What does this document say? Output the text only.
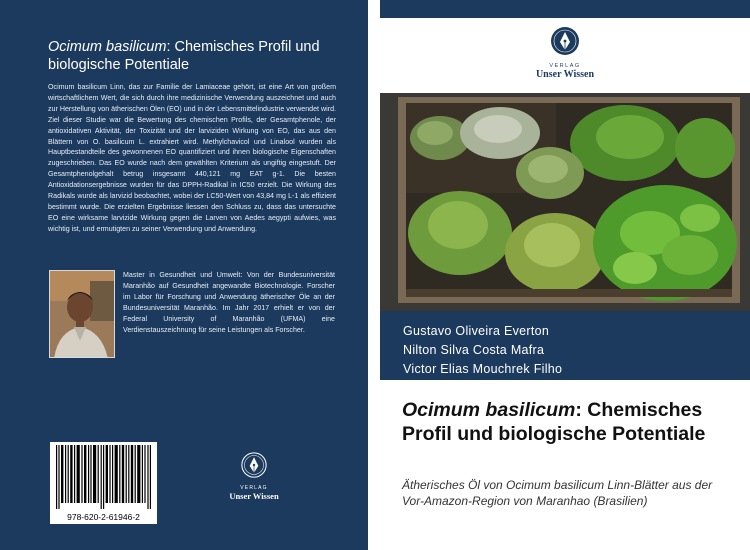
Ocimum basilicum: Chemisches Profil und biologische Potentiale

Ocimum basilicum Linn, das zur Familie der Lamiaceae gehört, ist eine Art von großem wirtschaftlichem Wert, die sich durch ihre medizinische Verwendung auszeichnet und auch zur Herstellung von ätherischen Ölen (EO) und in der Lebensmittelindustrie verwendet wird. Ziel dieser Studie war die Bewertung des chemischen Profils, der Gesamtphenole, der antioxidativen Aktivität, der Toxizität und der larviziden Wirkung von EO, das aus den Blättern von O. basilicum L. extrahiert wird. Methylchavicol und Linalool wurden als Hauptbestandteile des gewonnenen EO quantifiziert und ihnen biologische Eigenschaften zugeschrieben. Das EO wurde nach dem gewählten Kriterium als ungiftig eingestuft. Der Gesamtphenolgehalt betrug insgesamt 440,121 mg EAT g-1. Die besten Antioxidationsergebnisse wurden für das DPPH-Radikal in IC50 erzielt. Die Wirkung des Radikals wurde als larvizid beobachtet, wobei der LC50-Wert von 43,84 mg L-1 als effizient bestimmt wurde. Die erzielten Ergebnisse liessen den Schluss zu, dass das untersuchte EO eine wirksame larvizide Wirkung gegen die Larven von Aedes aegypti aufwies, was wichtig ist, und ermutigten zu seiner Verwendung und Anwendung.

Master in Gesundheit und Umwelt: Von der Bundesuniversität Maranhão auf Gesundheit angewandte Biotechnologie. Forscher im Labor für Forschung und Anwendung ätherischer Öle an der Bundesuniversität Maranhão. Im Jahr 2017 erhielt er von der Federal University of Maranhão (UFMA) eine Verdienstauszeichnung für seine Leistungen als Forscher.

978-620-2-61946-2
VERLAG
Unser Wissen
VERLAG
Unser Wissen
Gustavo Oliveira Everton
Nilton Silva Costa Mafra
Victor Elias Mouchrek Filho
Ocimum basilicum: Chemisches Profil und biologische Potentiale

Ätherisches Öl von Ocimum basilicum Linn-Blätter aus der Vor-Amazon-Region von Maranhao (Brasilien)
